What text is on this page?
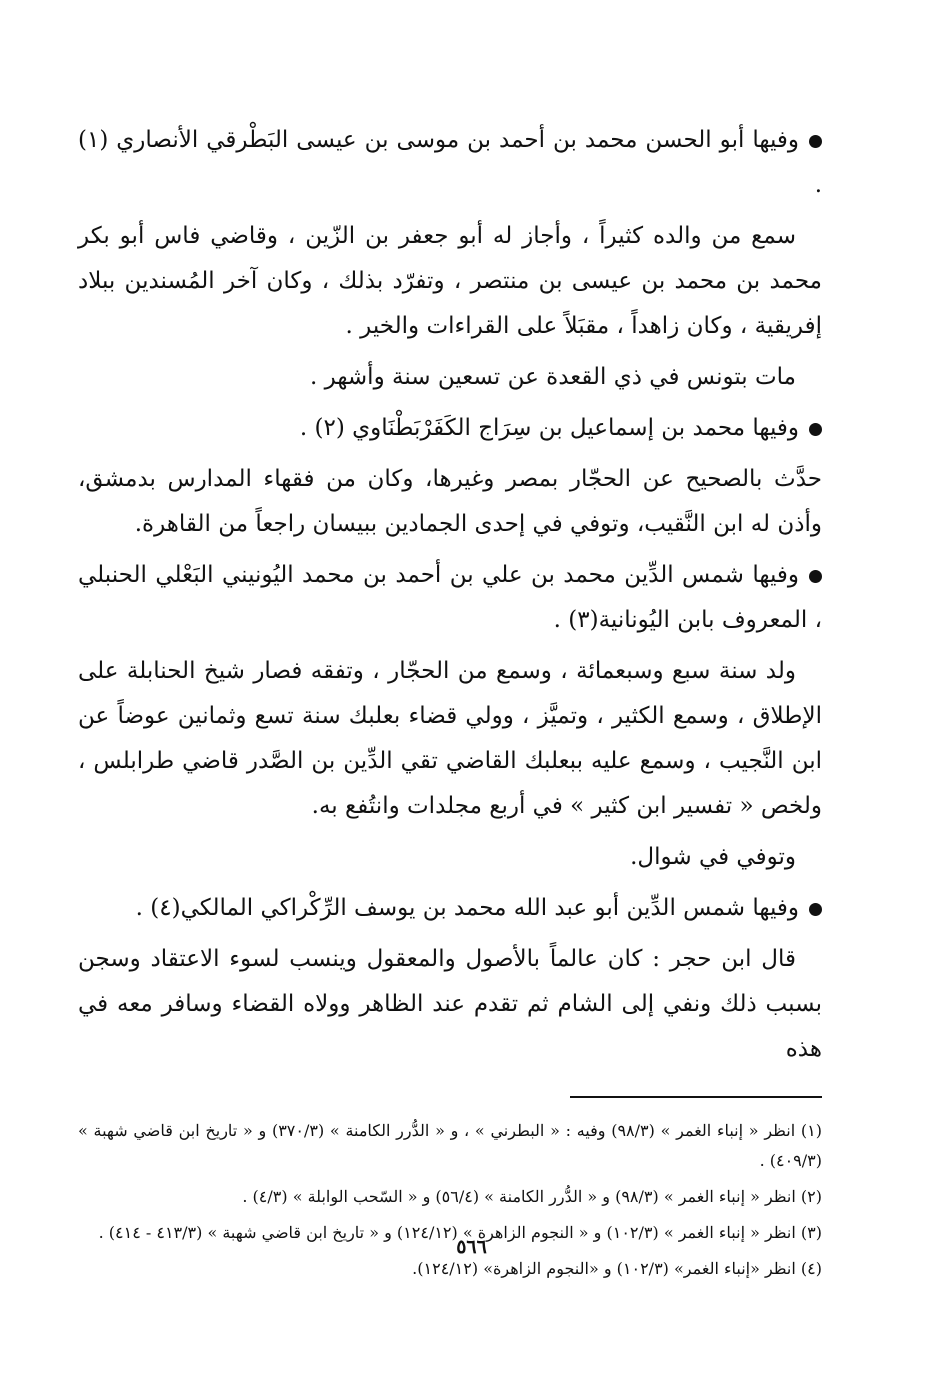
وفيها أبو الحسن محمد بن أحمد بن موسى بن عيسى البَطْرقي الأنصاري (١) .

سمع من والده كثيراً ، وأجاز له أبو جعفر بن الزّين ، وقاضي فاس أبو بكر محمد بن محمد بن عيسى بن منتصر ، وتفرّد بذلك ، وكان آخر المُسندين ببلاد إفريقية ، وكان زاهداً ، مقبَلاً على القراءات والخير .

مات بتونس في ذي القعدة عن تسعين سنة وأشهر .

وفيها محمد بن إسماعيل بن سِرَاج الكَفَرْبَطْنَاوي (٢) .

حدَّث بالصحيح عن الحجّار بمصر وغيرها، وكان من فقهاء المدارس بدمشق، وأذن له ابن النَّقيب، وتوفي في إحدى الجمادين ببيسان راجعاً من القاهرة.

وفيها شمس الدِّين محمد بن علي بن أحمد بن محمد اليُونيني البَعْلي الحنبلي ، المعروف بابن اليُونانية(٣) .

ولد سنة سبع وسبعمائة ، وسمع من الحجّار ، وتفقه فصار شيخ الحنابلة على الإطلاق ، وسمع الكثير ، وتميَّز ، وولي قضاء بعلبك سنة تسع وثمانين عوضاً عن ابن النَّجيب ، وسمع عليه ببعلبك القاضي تقي الدِّين بن الصَّدر قاضي طرابلس ، ولخص « تفسير ابن كثير » في أربع مجلدات وانتُفع به.

وتوفي في شوال.

وفيها شمس الدِّين أبو عبد الله محمد بن يوسف الرِّكْراكي المالكي(٤) .

قال ابن حجر : كان عالماً بالأصول والمعقول وينسب لسوء الاعتقاد وسجن بسبب ذلك ونفي إلى الشام ثم تقدم عند الظاهر وولاه القضاء وسافر معه في هذه

(١) انظر « إنباء الغمر » (٩٨/٣) وفيه : « البطرني » ، و « الدُّرر الكامنة » (٣٧٠/٣) و « تاريخ ابن قاضي شهبة » (٤٠٩/٣) .

(٢) انظر « إنباء الغمر » (٩٨/٣) و « الدُّرر الكامنة » (٥٦/٤) و « السّحب الوابلة » (٤/٣) .

(٣) انظر « إنباء الغمر » (١٠٢/٣) و « النجوم الزاهرة » (١٢٤/١٢) و « تاريخ ابن قاضي شهبة » (٤١٣/٣ - ٤١٤) .

(٤) انظر «إنباء الغمر» (١٠٢/٣) و «النجوم الزاهرة» (١٢٤/١٢).

٥٦٦
